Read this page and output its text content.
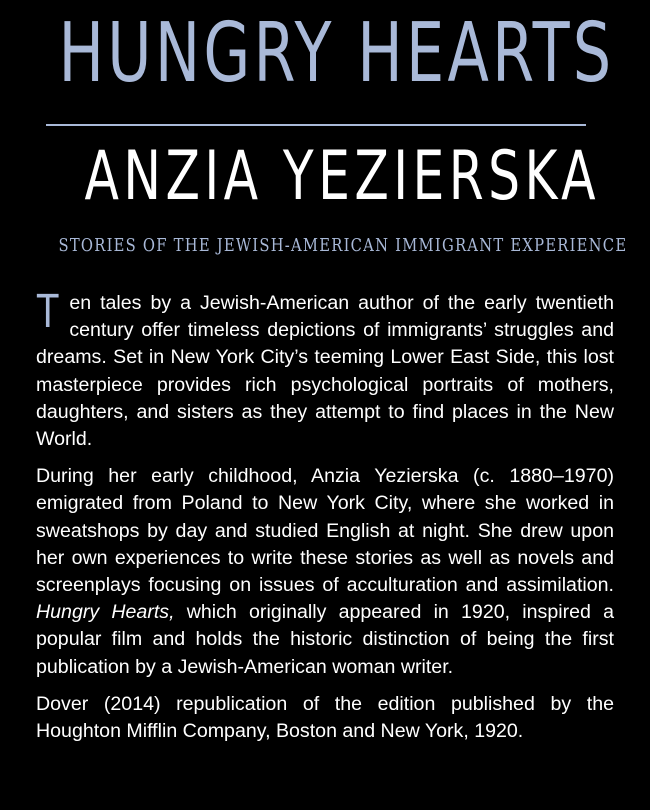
HUNGRY HEARTS
ANZIA YEZIERSKA
STORIES OF THE JEWISH-AMERICAN IMMIGRANT EXPERIENCE

Ten tales by a Jewish-American author of the early twentieth century offer timeless depictions of immigrants’ struggles and dreams. Set in New York City’s teeming Lower East Side, this lost masterpiece provides rich psychological portraits of mothers, daughters, and sisters as they attempt to find places in the New World.

During her early childhood, Anzia Yezierska (c. 1880–1970) emigrated from Poland to New York City, where she worked in sweatshops by day and studied English at night. She drew upon her own experiences to write these stories as well as novels and screenplays focusing on issues of acculturation and assimilation. Hungry Hearts, which originally appeared in 1920, inspired a popular film and holds the historic distinction of being the first publication by a Jewish-American woman writer.

Dover (2014) republication of the edition published by the Houghton Mifflin Company, Boston and New York, 1920.
